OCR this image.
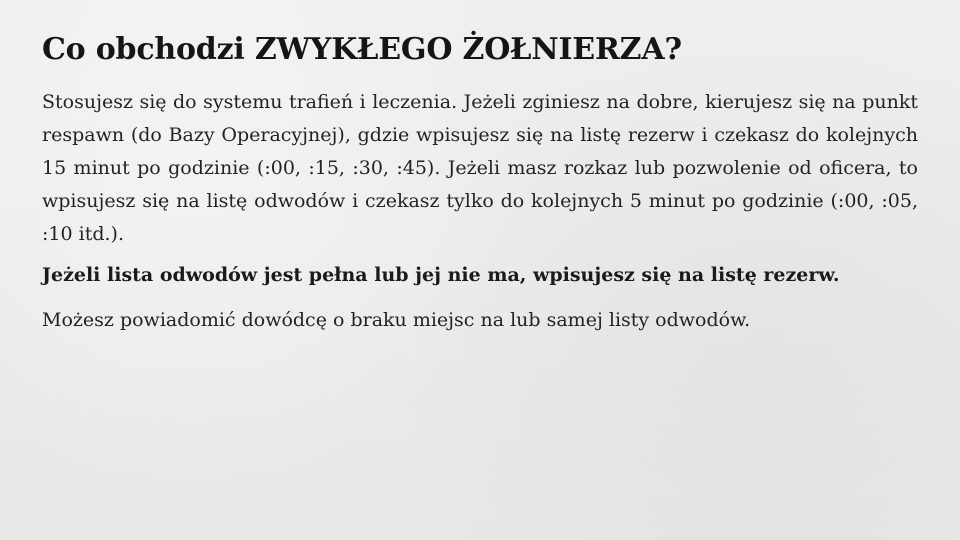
Co obchodzi ZWYKŁEGO ŻOŁNIERZA?

Stosujesz się do systemu trafień i leczenia. Jeżeli zginiesz na dobre, kierujesz się na punkt respawn (do Bazy Operacyjnej), gdzie wpisujesz się na listę rezerw i czekasz do kolejnych 15 minut po godzinie (:00, :15, :30, :45). Jeżeli masz rozkaz lub pozwolenie od oficera, to wpisujesz się na listę odwodów i czekasz tylko do kolejnych 5 minut po godzinie (:00, :05, :10 itd.).

Jeżeli lista odwodów jest pełna lub jej nie ma, wpisujesz się na listę rezerw.

Możesz powiadomić dowódcę o braku miejsc na lub samej listy odwodów.
